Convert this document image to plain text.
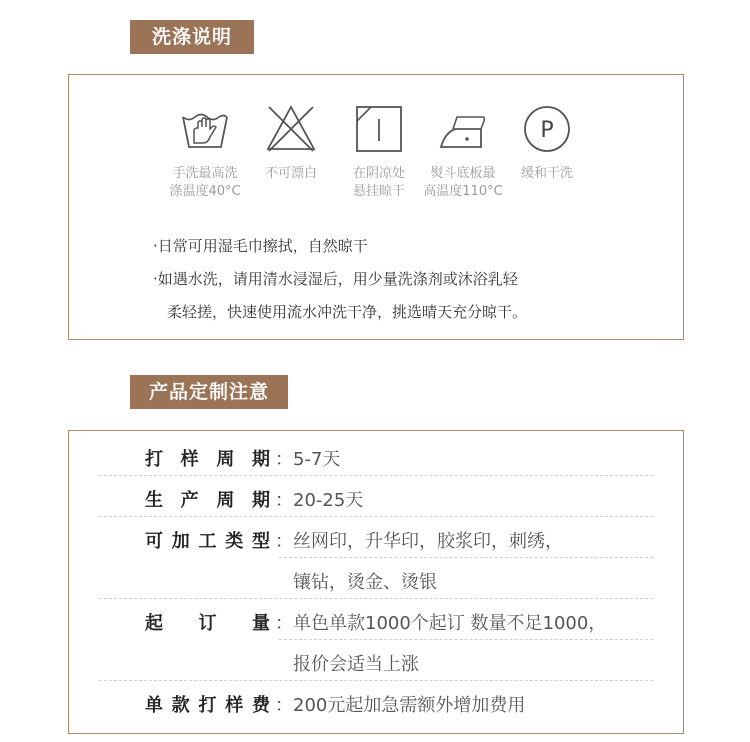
洗涤说明
P
手洗最高洗
涤温度40°C
不可漂白	在阴凉处
悬挂晾干
熨斗底板最
高温度110°C
缓和干洗
·日常可用湿毛巾擦拭，自然晾干
·如遇水洗，请用清水浸湿后，用少量洗涤剂或沐浴乳轻
柔轻搓，快速使用流水冲洗干净，挑选晴天充分晾干。
产品定制注意
打样周期 ： 5-7天
生产周期 ： 20-25天
可加工类型 ： 丝网印，升华印，胶浆印，刺绣，
镶钻，烫金、烫银
起订量 ： 单色单款1000个起订 数量不足1000，
报价会适当上涨
单款打样费 ： 200元起加急需额外增加费用
